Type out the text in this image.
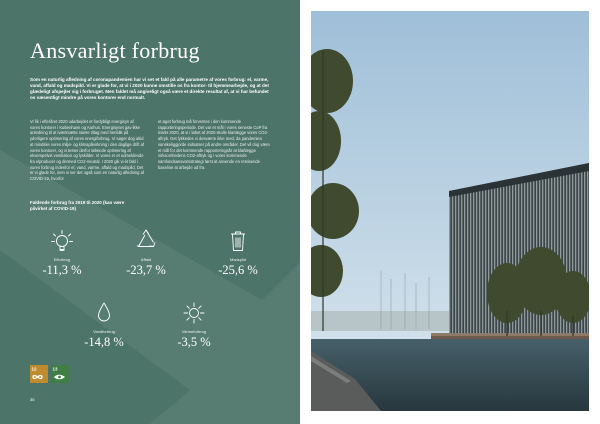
Ansvarligt forbrug

Som en naturlig afledning af coronapandemien har vi set et fald på alle parametre af vores forbrug: el, varme, vand, affald og madspild. Vi er glade for, at vi i 2020 kunne omstille os fra kontor- til hjemmearbejde, og at det glædeligt afspejler sig i forbruget. Men faldet må angiveligt også være et direkte resultat af, at vi har befundet os væsentligt mindre på vores kontorer end normalt.

Vi fik i efteråret 2020 udarbejdet et fordybligt energisyn af vores kontorer i København og Aarhus. Energisynet gav ikke anledning til at iværksætte større tiltag med henblik på yderligere optimering af vores energiforbrug. Vi søger dog altid at mindske vores miljø- og klimapåvirkning i den daglige drift af vores kontorer, og vi tester derfor løbende optimering af eksempelvis ventilation og lyskilder. Vi vores er et udmeldende fra elproducer og dermed CO2-neutral. I 2020 gik vi ét fald i vores forbrug indenfor el, vand, varme, affald og madspild. Det er vi glade for, men vi ser det også som en naturlig afledning af COVID-19, hvorfor

et øget forbrug må forventes i den kommende rapporteringsperiode. Det var et mål i vores seneste CoP fra marts 2020, at vi i løbet af 2020 skulle klarlægge vores CO2-aftryk. Det lykkedes vi desværre ikke med, da pandemien vanskeliggjorde indsatser på andre områder. Det vil dog være et mål for det kommende rapporteringsår at klarlægge virksomhedens CO2-aftryk og i vores kommende samfundsansvarsstrategi først at anvende en retvisende baseline at arbejde ud fra.

Faldende forbrug fra 2019 til 2020 (kan være påvirket af COVID-19)

Elforbrug
-11,3 %
Affald
-23,7 %
Madspild
-25,6 %
Vandforbrug
-14,8 %
Varmeforbrug
-3,5 %
12	13
36
